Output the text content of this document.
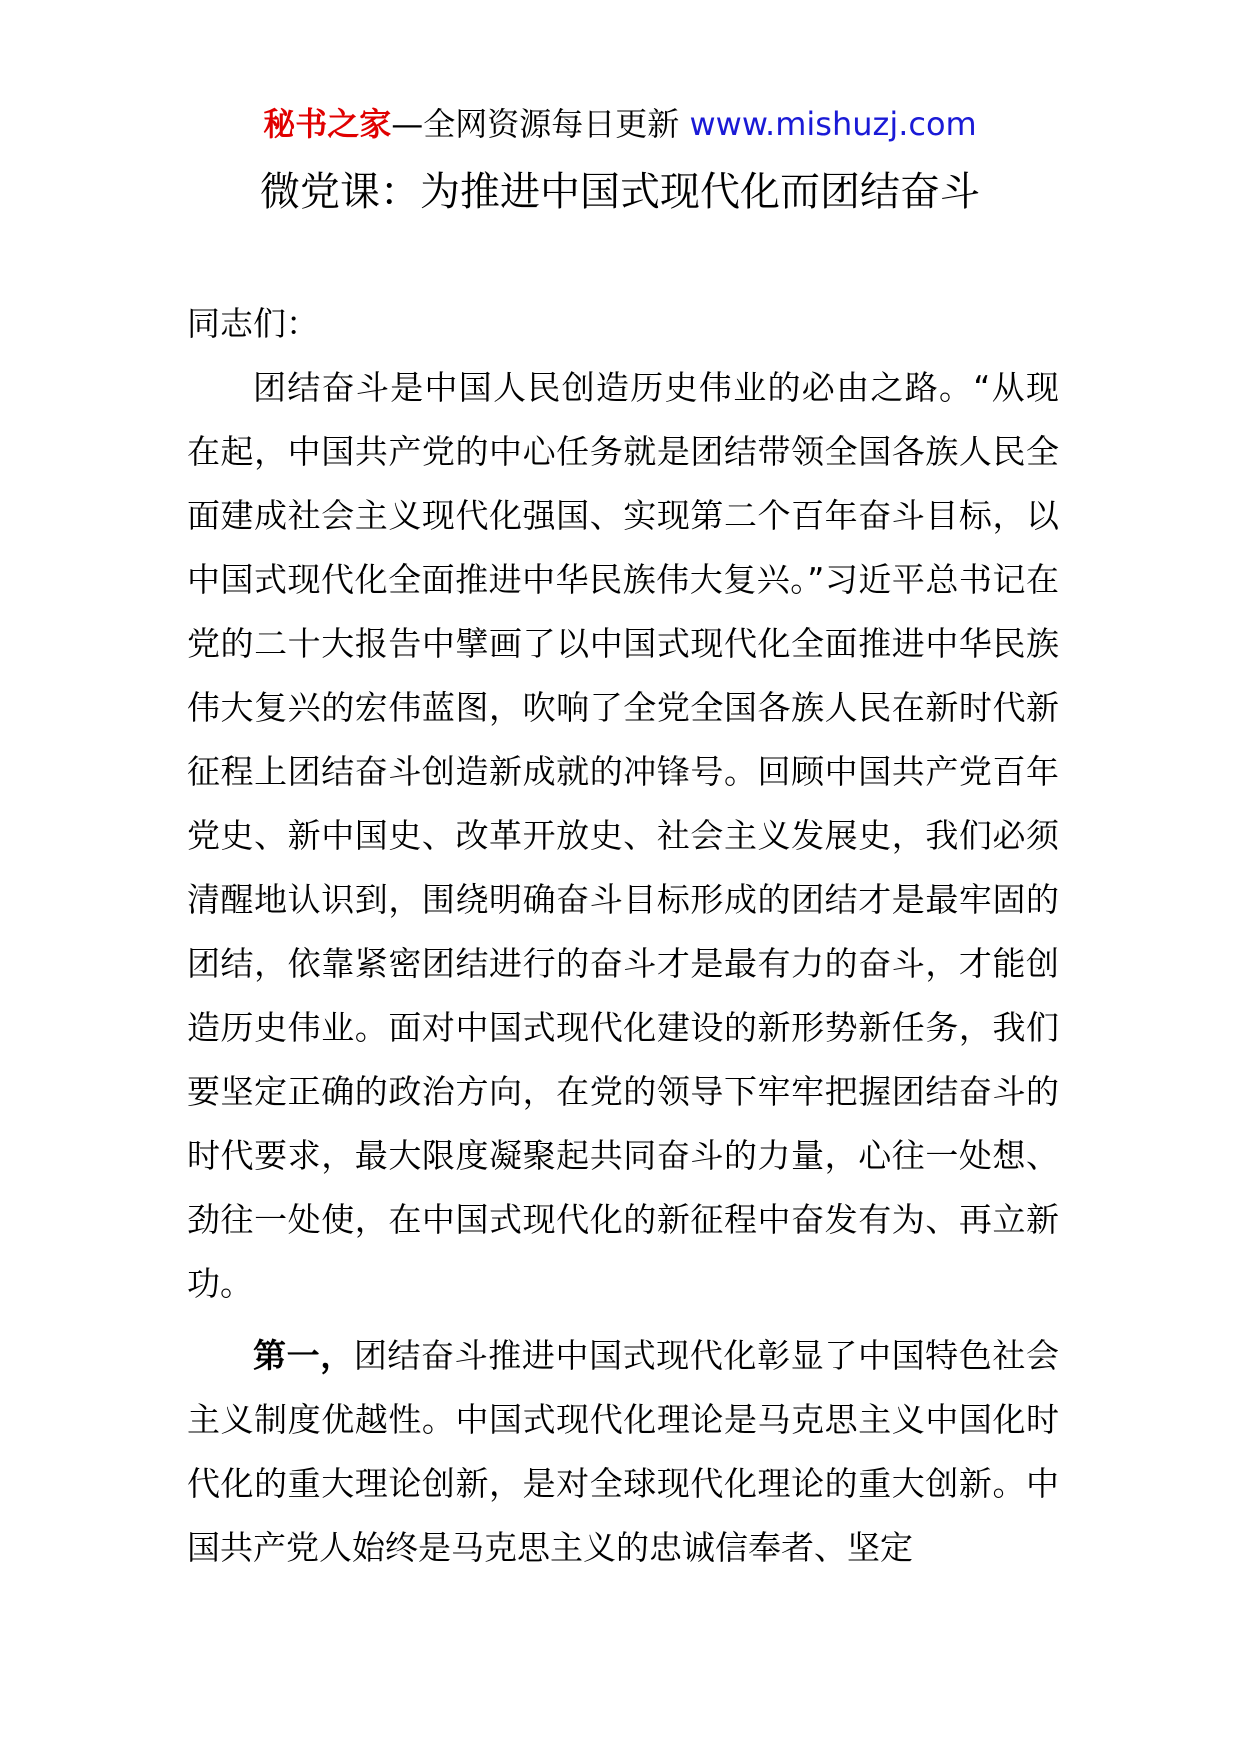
秘书之家—全网资源每日更新 www.mishuzj.com
微党课：为推进中国式现代化而团结奋斗

同志们：

团结奋斗是中国人民创造历史伟业的必由之路。“从现在起，中国共产党的中心任务就是团结带领全国各族人民全面建成社会主义现代化强国、实现第二个百年奋斗目标，以中国式现代化全面推进中华民族伟大复兴。”习近平总书记在党的二十大报告中擘画了以中国式现代化全面推进中华民族伟大复兴的宏伟蓝图，吹响了全党全国各族人民在新时代新征程上团结奋斗创造新成就的冲锋号。回顾中国共产党百年党史、新中国史、改革开放史、社会主义发展史，我们必须清醒地认识到，围绕明确奋斗目标形成的团结才是最牢固的团结，依靠紧密团结进行的奋斗才是最有力的奋斗，才能创造历史伟业。面对中国式现代化建设的新形势新任务，我们要坚定正确的政治方向，在党的领导下牢牢把握团结奋斗的时代要求，最大限度凝聚起共同奋斗的力量，心往一处想、劲往一处使，在中国式现代化的新征程中奋发有为、再立新功。

第一，团结奋斗推进中国式现代化彰显了中国特色社会主义制度优越性。中国式现代化理论是马克思主义中国化时代化的重大理论创新，是对全球现代化理论的重大创新。中国共产党人始终是马克思主义的忠诚信奉者、坚定
